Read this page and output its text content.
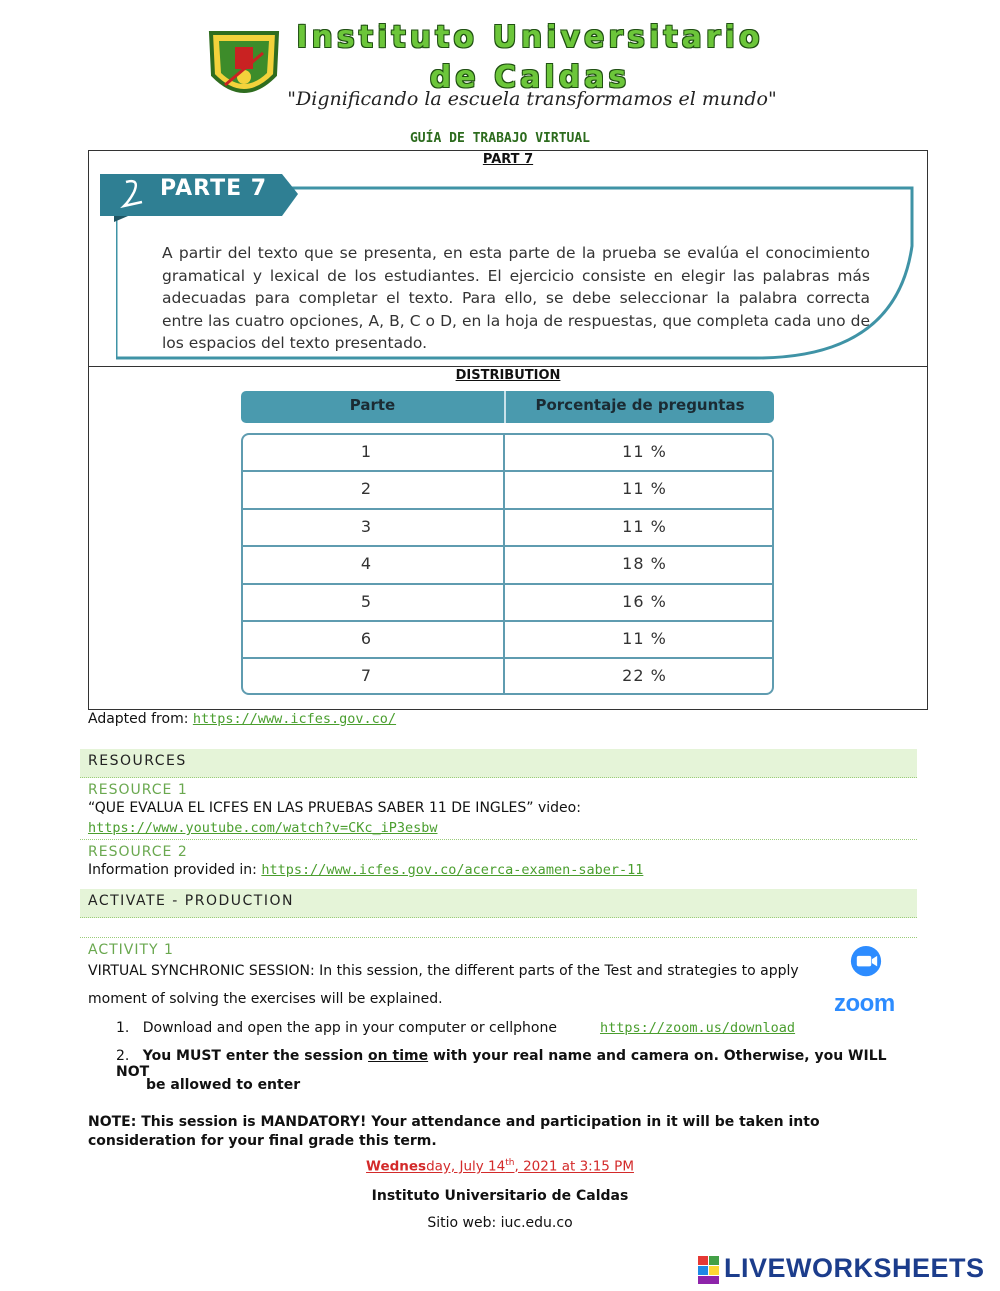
Instituto Universitario
de Caldas
"Dignificando la escuela transformamos el mundo"
GUÍA DE TRABAJO VIRTUAL
PART 7
PARTE 7
A partir del texto que se presenta, en esta parte de la prueba se evalúa el conocimiento gramatical y lexical de los estudiantes. El ejercicio consiste en elegir las palabras más adecuadas para completar el texto. Para ello, se debe seleccionar la palabra correcta entre las cuatro opciones, A, B, C o D, en la hoja de respuestas, que completa cada uno de los espacios del texto presentado.
DISTRIBUTION
Parte	Porcentaje de preguntas
1	11 %
2	11 %
3	11 %
4	18 %
5	16 %
6	11 %
7	22 %
Adapted from: https://www.icfes.gov.co/
RESOURCES
RESOURCE 1
“QUE EVALUA EL ICFES EN LAS PRUEBAS SABER 11 DE INGLES” video:
https://www.youtube.com/watch?v=CKc_iP3esbw
RESOURCE 2
Information provided in: https://www.icfes.gov.co/acerca-examen-saber-11
ACTIVATE - PRODUCTION
ACTIVITY 1
VIRTUAL SYNCHRONIC SESSION: In this session, the different parts of the Test and strategies to apply
moment of solving the exercises will be explained.	zoom
1. Download and open the app in your computer or cellphone	https://zoom.us/download
2. You MUST enter the session on time with your real name and camera on. Otherwise, you WILL NOT
be allowed to enter
NOTE: This session is MANDATORY! Your attendance and participation in it will be taken into consideration for your final grade this term.
Wednesday, July 14th, 2021 at 3:15 PM
Instituto Universitario de Caldas
Sitio web: iuc.edu.co
LIVEWORKSHEETS
